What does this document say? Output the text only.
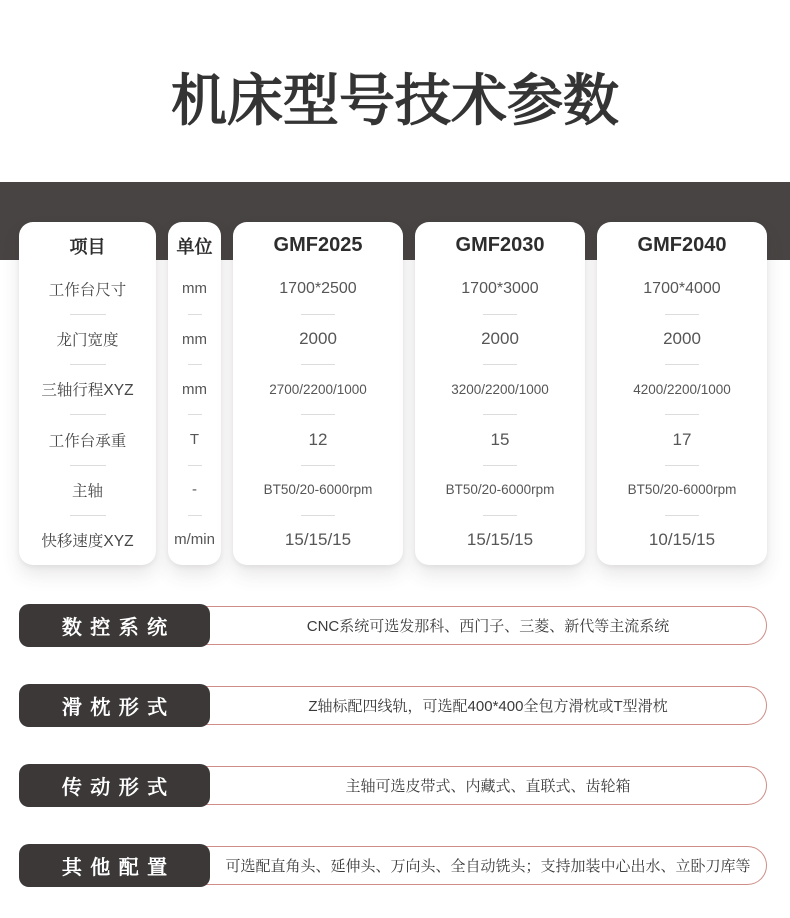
机床型号技术参数
项目
工作台尺寸
龙门宽度
三轴行程XYZ
工作台承重
主轴
快移速度XYZ
单位
mm
mm
mm
T
-
m/min
GMF2025
1700*2500
2000
2700/2200/1000
12
BT50/20-6000rpm
15/15/15
GMF2030
1700*3000
2000
3200/2200/1000
15
BT50/20-6000rpm
15/15/15
GMF2040
1700*4000
2000
4200/2200/1000
17
BT50/20-6000rpm
10/15/15
CNC系统可选发那科、西门子、三菱、新代等主流系统
数控系统
Z轴标配四线轨，可选配400*400全包方滑枕或T型滑枕
滑枕形式
主轴可选皮带式、内藏式、直联式、齿轮箱
传动形式
可选配直角头、延伸头、万向头、全自动铣头；支持加装中心出水、立卧刀库等
其他配置
